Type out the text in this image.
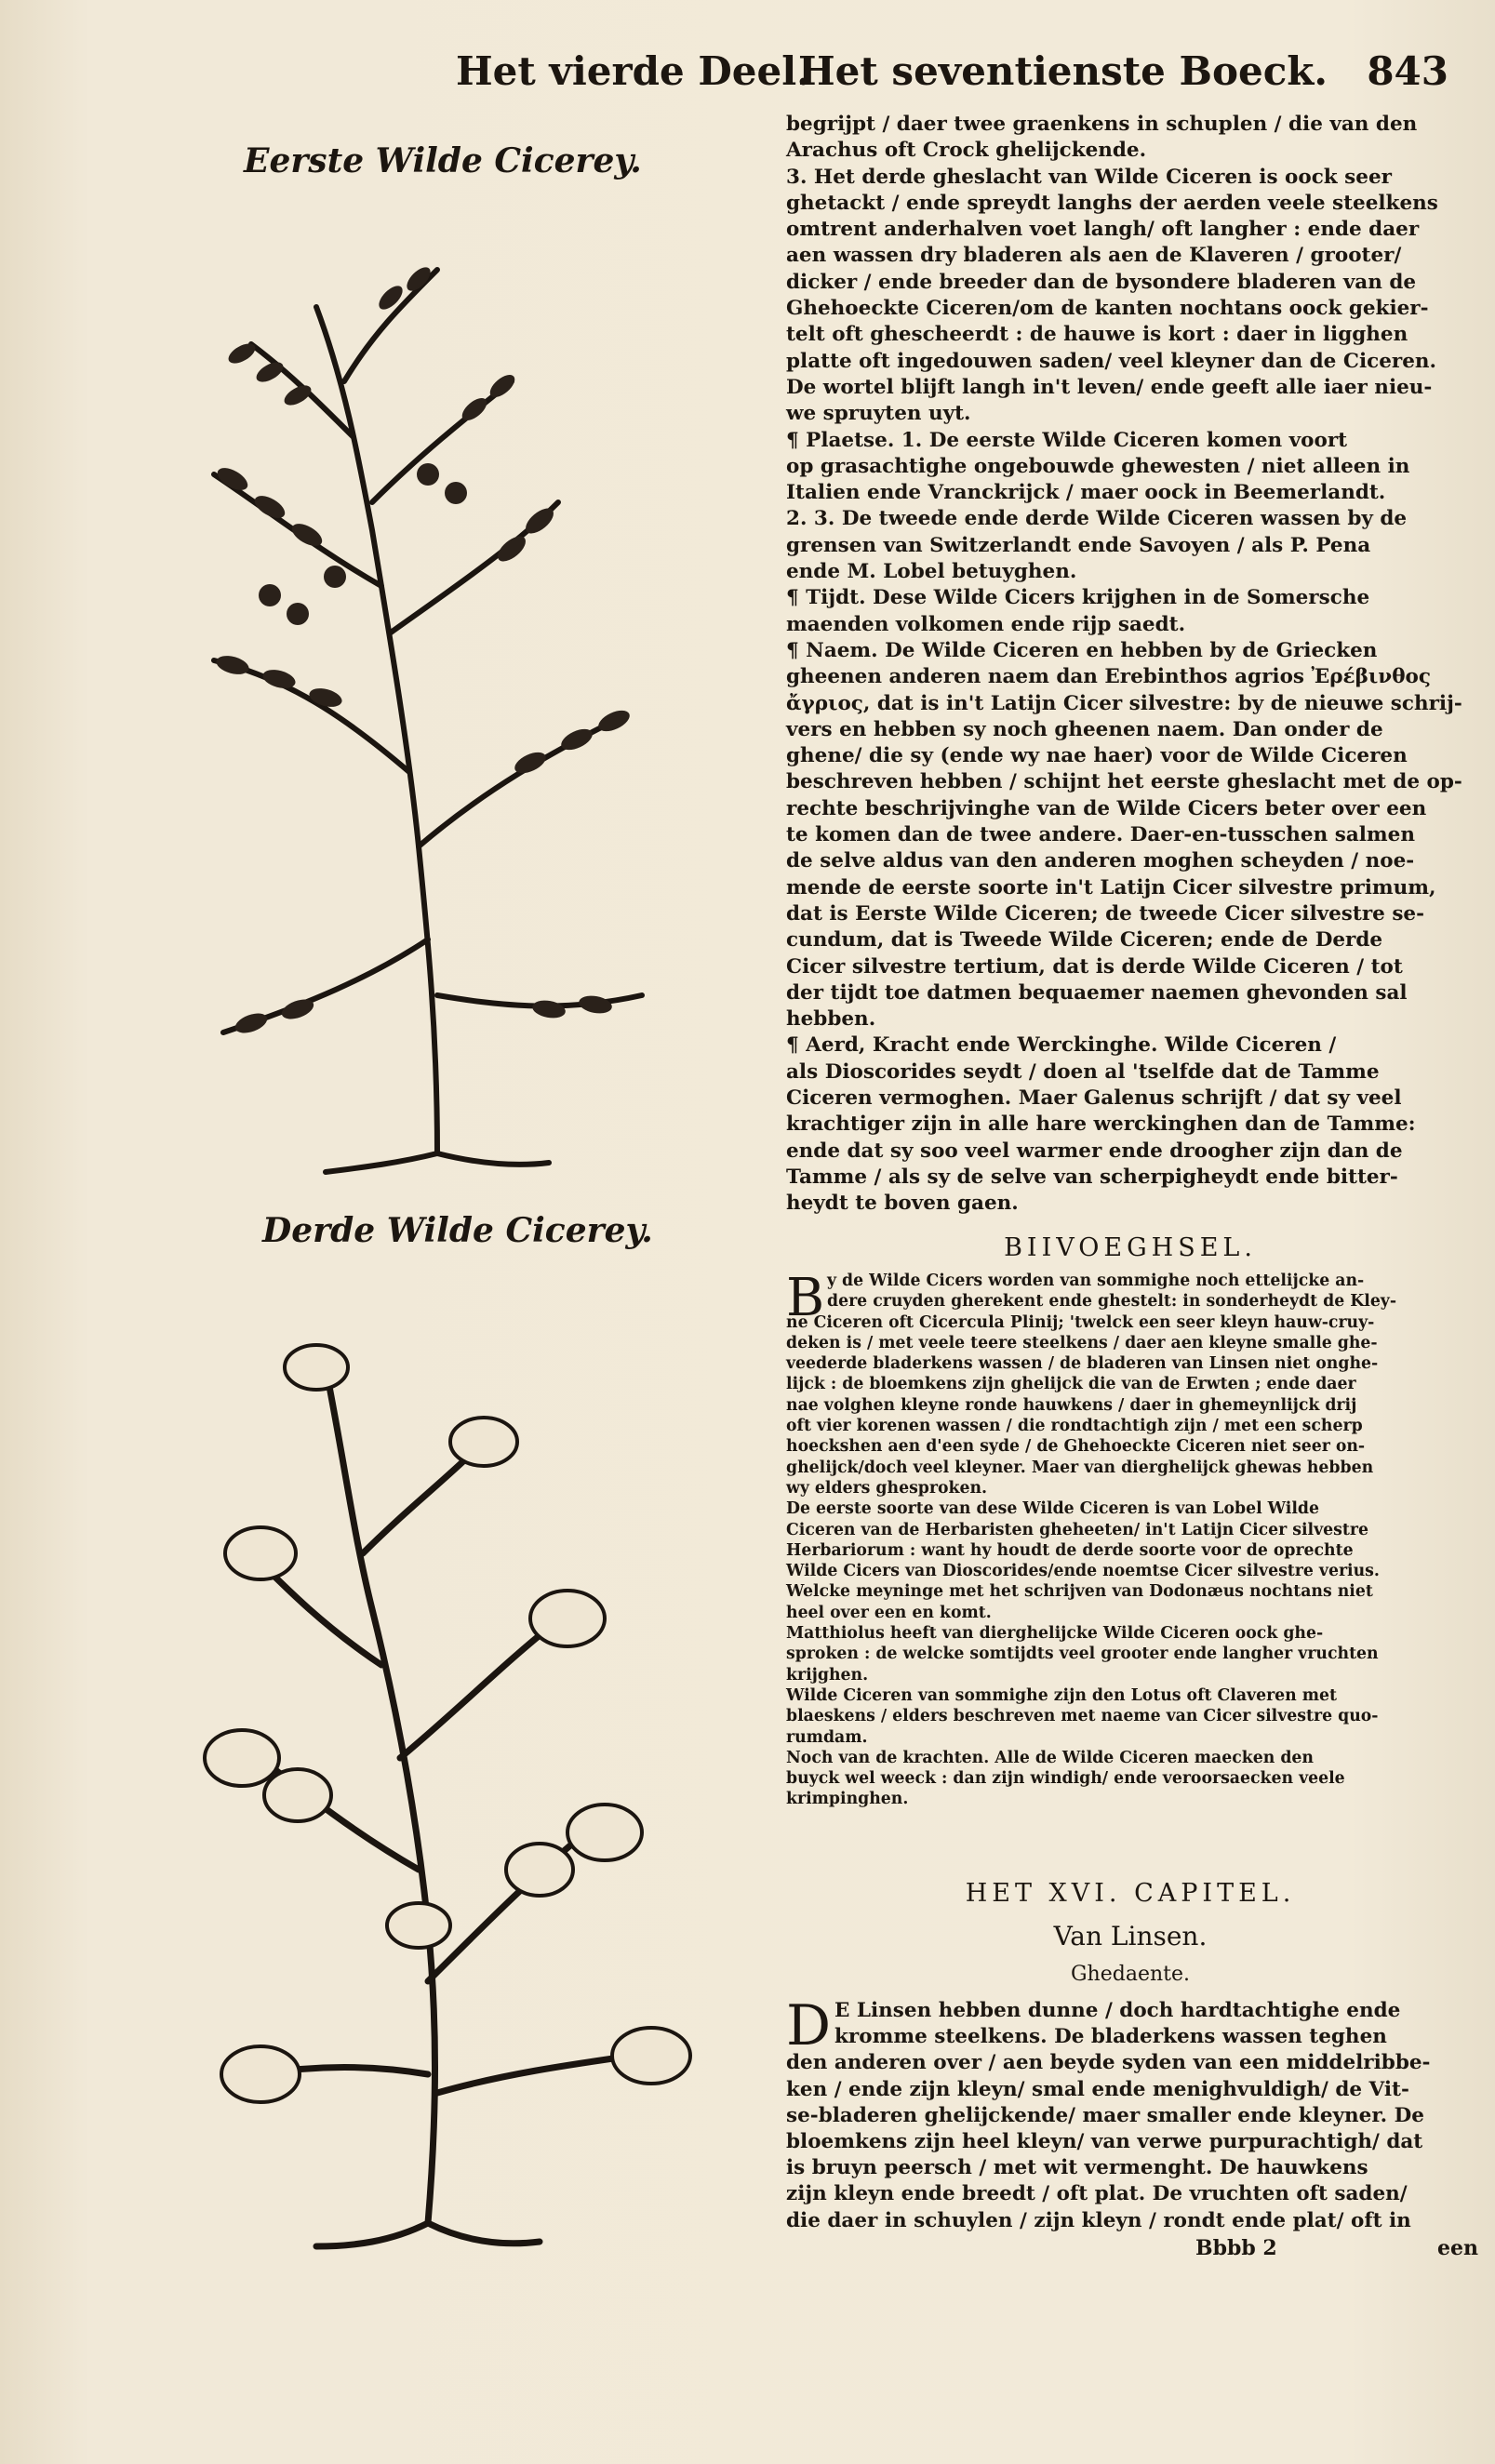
Het vierde Deel.
Het seventienste Boeck. 843
Eerste Wilde Cicerey.
Derde Wilde Cicerey.

begrijpt / daer twee graenkens in schuplen / die van den

Arachus oft Crock ghelijckende.

3. Het derde gheslacht van Wilde Ciceren is oock seer

ghetackt / ende spreydt langhs der aerden veele steelkens

omtrent anderhalven voet langh/ oft langher : ende daer

aen wassen dry bladeren als aen de Klaveren / grooter/

dicker / ende breeder dan de bysondere bladeren van de

Ghehoeckte Ciceren/om de kanten nochtans oock gekier-

telt oft ghescheerdt : de hauwe is kort : daer in ligghen

platte oft ingedouwen saden/ veel kleyner dan de Ciceren.

De wortel blijft langh in't leven/ ende geeft alle iaer nieu-

we spruyten uyt.

¶ Plaetse. 1. De eerste Wilde Ciceren komen voort

op grasachtighe ongebouwde ghewesten / niet alleen in

Italien ende Vranckrijck / maer oock in Beemerlandt.

2. 3. De tweede ende derde Wilde Ciceren wassen by de

grensen van Switzerlandt ende Savoyen / als P. Pena

ende M. Lobel betuyghen.

¶ Tijdt. Dese Wilde Cicers krijghen in de Somersche

maenden volkomen ende rijp saedt.

¶ Naem. De Wilde Ciceren en hebben by de Griecken

gheenen anderen naem dan Erebinthos agrios Ἐρέβινθος

ἄγριος, dat is in't Latijn Cicer silvestre: by de nieuwe schrij-

vers en hebben sy noch gheenen naem. Dan onder de

ghene/ die sy (ende wy nae haer) voor de Wilde Ciceren

beschreven hebben / schijnt het eerste gheslacht met de op-

rechte beschrijvinghe van de Wilde Cicers beter over een

te komen dan de twee andere. Daer-en-tusschen salmen

de selve aldus van den anderen moghen scheyden / noe-

mende de eerste soorte in't Latijn Cicer silvestre primum,

dat is Eerste Wilde Ciceren; de tweede Cicer silvestre se-

cundum, dat is Tweede Wilde Ciceren; ende de Derde

Cicer silvestre tertium, dat is derde Wilde Ciceren / tot

der tijdt toe datmen bequaemer naemen ghevonden sal

hebben.

¶ Aerd, Kracht ende Werckinghe. Wilde Ciceren /

als Dioscorides seydt / doen al 'tselfde dat de Tamme

Ciceren vermoghen. Maer Galenus schrijft / dat sy veel

krachtiger zijn in alle hare werckinghen dan de Tamme:

ende dat sy soo veel warmer ende droogher zijn dan de

Tamme / als sy de selve van scherpigheydt ende bitter-

heydt te boven gaen.

BIIVOEGHSEL.
B y de Wilde Cicers worden van sommighe noch ettelijcke an-

dere cruyden gherekent ende ghestelt: in sonderheydt de Kley-

ne Ciceren oft Cicercula Plinij; 'twelck een seer kleyn hauw-cruy-

deken is / met veele teere steelkens / daer aen kleyne smalle ghe-

veederde bladerkens wassen / de bladeren van Linsen niet onghe-

lijck : de bloemkens zijn ghelijck die van de Erwten ; ende daer

nae volghen kleyne ronde hauwkens / daer in ghemeynlijck drij

oft vier korenen wassen / die rondtachtigh zijn / met een scherp

hoeckshen aen d'een syde / de Ghehoeckte Ciceren niet seer on-

ghelijck/doch veel kleyner. Maer van dierghelijck ghewas hebben

wy elders ghesproken.

De eerste soorte van dese Wilde Ciceren is van Lobel Wilde

Ciceren van de Herbaristen gheheeten/ in't Latijn Cicer silvestre

Herbariorum : want hy houdt de derde soorte voor de oprechte

Wilde Cicers van Dioscorides/ende noemtse Cicer silvestre verius.

Welcke meyninge met het schrijven van Dodonæus nochtans niet

heel over een en komt.

Matthiolus heeft van dierghelijcke Wilde Ciceren oock ghe-

sproken : de welcke somtijdts veel grooter ende langher vruchten

krijghen.

Wilde Ciceren van sommighe zijn den Lotus oft Claveren met

blaeskens / elders beschreven met naeme van Cicer silvestre quo-

rumdam.

Noch van de krachten. Alle de Wilde Ciceren maecken den

buyck wel weeck : dan zijn windigh/ ende veroorsaecken veele

krimpinghen.

HET XVI. CAPITEL.
Van Linsen.
Ghedaente.
D E Linsen hebben dunne / doch hardtachtighe ende

kromme steelkens. De bladerkens wassen teghen

den anderen over / aen beyde syden van een middelribbe-

ken / ende zijn kleyn/ smal ende menighvuldigh/ de Vit-

se-bladeren ghelijckende/ maer smaller ende kleyner. De

bloemkens zijn heel kleyn/ van verwe purpurachtigh/ dat

is bruyn peersch / met wit vermenght. De hauwkens

zijn kleyn ende breedt / oft plat. De vruchten oft saden/

die daer in schuylen / zijn kleyn / rondt ende plat/ oft in

Bbbb 2	een
